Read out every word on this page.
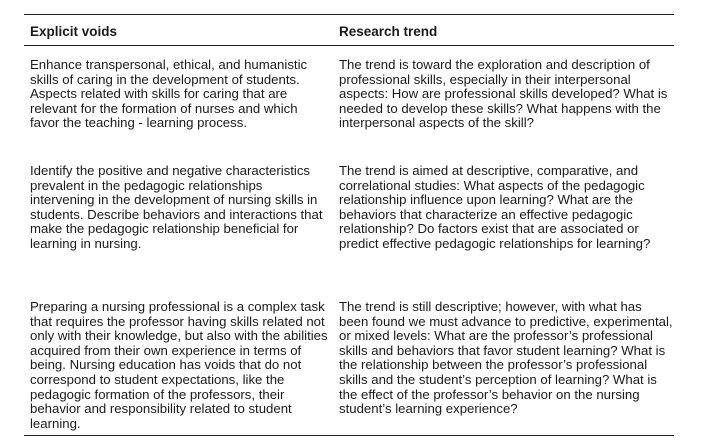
Explicit voids	Research trend
Enhance transpersonal, ethical, and humanistic skills of caring in the development of students. Aspects related with skills for caring that are relevant for the formation of nurses and which favor the teaching - learning process.
The trend is toward the exploration and description of professional skills, especially in their interpersonal aspects: How are professional skills developed? What is needed to develop these skills? What happens with the interpersonal aspects of the skill?
Identify the positive and negative characteristics prevalent in the pedagogic relationships intervening in the development of nursing skills in students. Describe behaviors and interactions that make the pedagogic relationship beneficial for learning in nursing.
The trend is aimed at descriptive, comparative, and correlational studies: What aspects of the pedagogic relationship influence upon learning? What are the behaviors that characterize an effective pedagogic relationship? Do factors exist that are associated or predict effective pedagogic relationships for learning?
Preparing a nursing professional is a complex task that requires the professor having skills related not only with their knowledge, but also with the abilities acquired from their own experience in terms of being. Nursing education has voids that do not correspond to student expectations, like the pedagogic formation of the professors, their behavior and responsibility related to student learning.
The trend is still descriptive; however, with what has been found we must advance to predictive, experimental, or mixed levels: What are the professor’s professional skills and behaviors that favor student learning? What is the relationship between the professor’s professional skills and the student’s perception of learning? What is the effect of the professor’s behavior on the nursing student’s learning experience?
